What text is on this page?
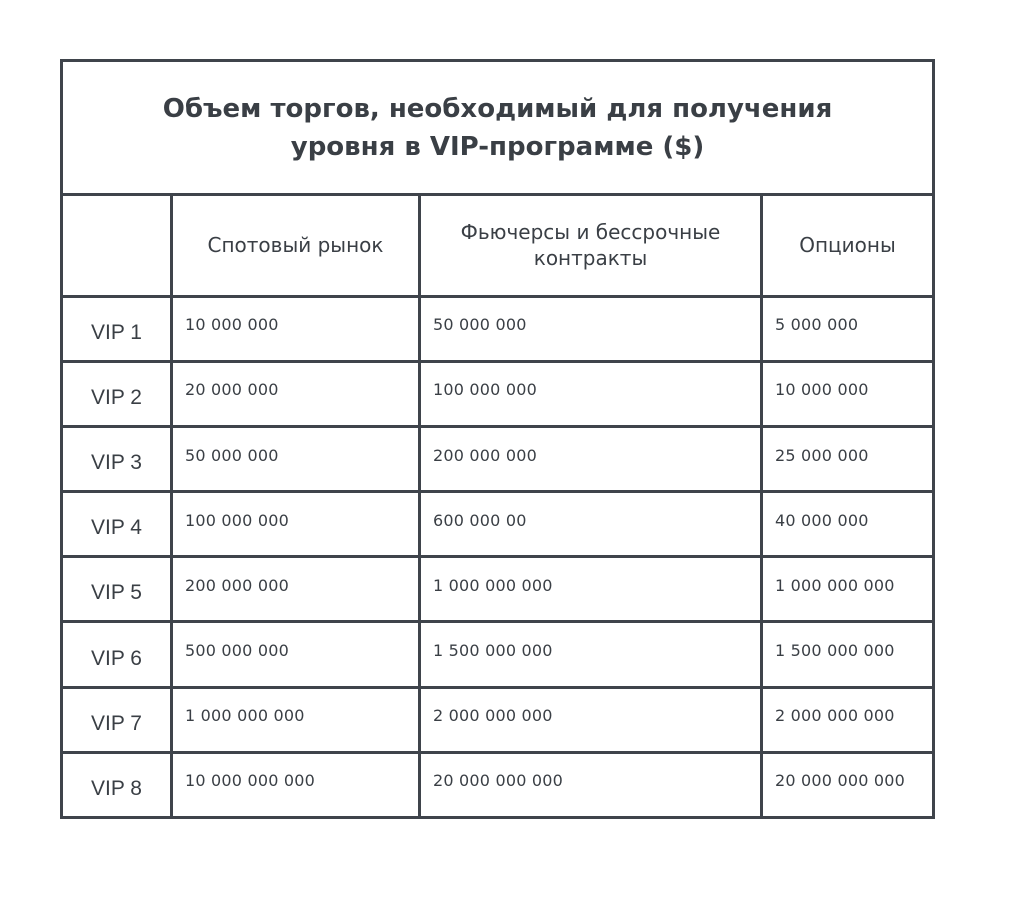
Объем торгов, необходимый для получения
уровня в VIP-программе ($)			

	Спотовый рынок	Фьючерсы и бессрочные контракты	Опционы
VIP 1	10 000 000	50 000 000	5 000 000
VIP 2	20 000 000	100 000 000	10 000 000
VIP 3	50 000 000	200 000 000	25 000 000
VIP 4	100 000 000	600 000 00	40 000 000
VIP 5	200 000 000	1 000 000 000	1 000 000 000
VIP 6	500 000 000	1 500 000 000	1 500 000 000
VIP 7	1 000 000 000	2 000 000 000	2 000 000 000
VIP 8	10 000 000 000	20 000 000 000	20 000 000 000
